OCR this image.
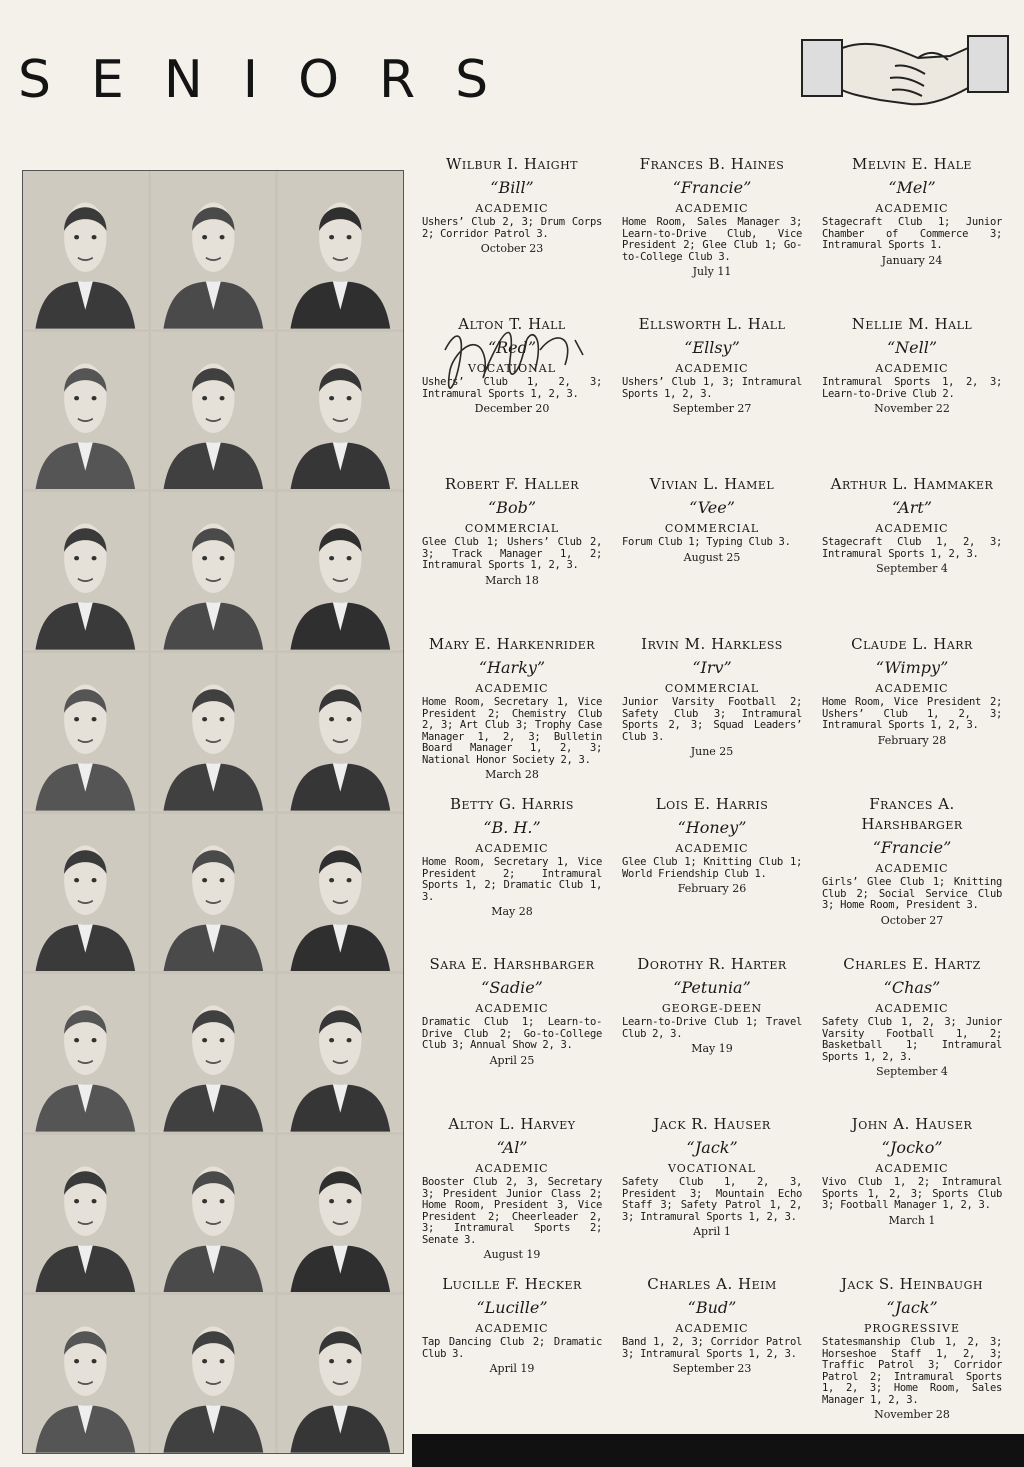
SENIORS
Wilbur I. Haight
“Bill”
ACADEMIC
Ushers’ Club 2, 3; Drum Corps 2; Corridor Patrol 3.
October 23
Frances B. Haines
“Francie”
ACADEMIC
Home Room, Sales Manager 3; Learn-to-Drive Club, Vice President 2; Glee Club 1; Go-to-College Club 3.
July 11
Melvin E. Hale
“Mel”
ACADEMIC
Stagecraft Club 1; Junior Chamber of Commerce 3; Intramural Sports 1.
January 24
Alton T. Hall
“Red”
VOCATIONAL
Ushers’ Club 1, 2, 3; Intramural Sports 1, 2, 3.
December 20
Ellsworth L. Hall
“Ellsy”
ACADEMIC
Ushers’ Club 1, 3; Intramural Sports 1, 2, 3.
September 27
Nellie M. Hall
“Nell”
ACADEMIC
Intramural Sports 1, 2, 3; Learn-to-Drive Club 2.
November 22
Robert F. Haller
“Bob”
COMMERCIAL
Glee Club 1; Ushers’ Club 2, 3; Track Manager 1, 2; Intramural Sports 1, 2, 3.
March 18
Vivian L. Hamel
“Vee”
COMMERCIAL
Forum Club 1; Typing Club 3.
August 25
Arthur L. Hammaker
“Art”
ACADEMIC
Stagecraft Club 1, 2, 3; Intramural Sports 1, 2, 3.
September 4
Mary E. Harkenrider
“Harky”
ACADEMIC
Home Room, Secretary 1, Vice President 2; Chemistry Club 2, 3; Art Club 3; Trophy Case Manager 1, 2, 3; Bulletin Board Manager 1, 2, 3; National Honor Society 2, 3.
March 28
Irvin M. Harkless
“Irv”
COMMERCIAL
Junior Varsity Football 2; Safety Club 3; Intramural Sports 2, 3; Squad Leaders’ Club 3.
June 25
Claude L. Harr
“Wimpy”
ACADEMIC
Home Room, Vice President 2; Ushers’ Club 1, 2, 3; Intramural Sports 1, 2, 3.
February 28
Betty G. Harris
“B. H.”
ACADEMIC
Home Room, Secretary 1, Vice President 2; Intramural Sports 1, 2; Dramatic Club 1, 3.
May 28
Lois E. Harris
“Honey”
ACADEMIC
Glee Club 1; Knitting Club 1; World Friendship Club 1.
February 26
Frances A. Harshbarger
“Francie”
ACADEMIC
Girls’ Glee Club 1; Knitting Club 2; Social Service Club 3; Home Room, President 3.
October 27
Sara E. Harshbarger
“Sadie”
ACADEMIC
Dramatic Club 1; Learn-to-Drive Club 2; Go-to-College Club 3; Annual Show 2, 3.
April 25
Dorothy R. Harter
“Petunia”
GEORGE-DEEN
Learn-to-Drive Club 1; Travel Club 2, 3.
May 19
Charles E. Hartz
“Chas”
ACADEMIC
Safety Club 1, 2, 3; Junior Varsity Football 1, 2; Basketball 1; Intramural Sports 1, 2, 3.
September 4
Alton L. Harvey
“Al”
ACADEMIC
Booster Club 2, 3, Secretary 3; President Junior Class 2; Home Room, President 3, Vice President 2; Cheerleader 2, 3; Intramural Sports 2; Senate 3.
August 19
Jack R. Hauser
“Jack”
VOCATIONAL
Safety Club 1, 2, 3, President 3; Mountain Echo Staff 3; Safety Patrol 1, 2, 3; Intramural Sports 1, 2, 3.
April 1
John A. Hauser
“Jocko”
ACADEMIC
Vivo Club 1, 2; Intramural Sports 1, 2, 3; Sports Club 3; Football Manager 1, 2, 3.
March 1
Lucille F. Hecker
“Lucille”
ACADEMIC
Tap Dancing Club 2; Dramatic Club 3.
April 19
Charles A. Heim
“Bud”
ACADEMIC
Band 1, 2, 3; Corridor Patrol 3; Intramural Sports 1, 2, 3.
September 23
Jack S. Heinbaugh
“Jack”
PROGRESSIVE
Statesmanship Club 1, 2, 3; Horseshoe Staff 1, 2, 3; Traffic Patrol 3; Corridor Patrol 2; Intramural Sports 1, 2, 3; Home Room, Sales Manager 1, 2, 3.
November 28
